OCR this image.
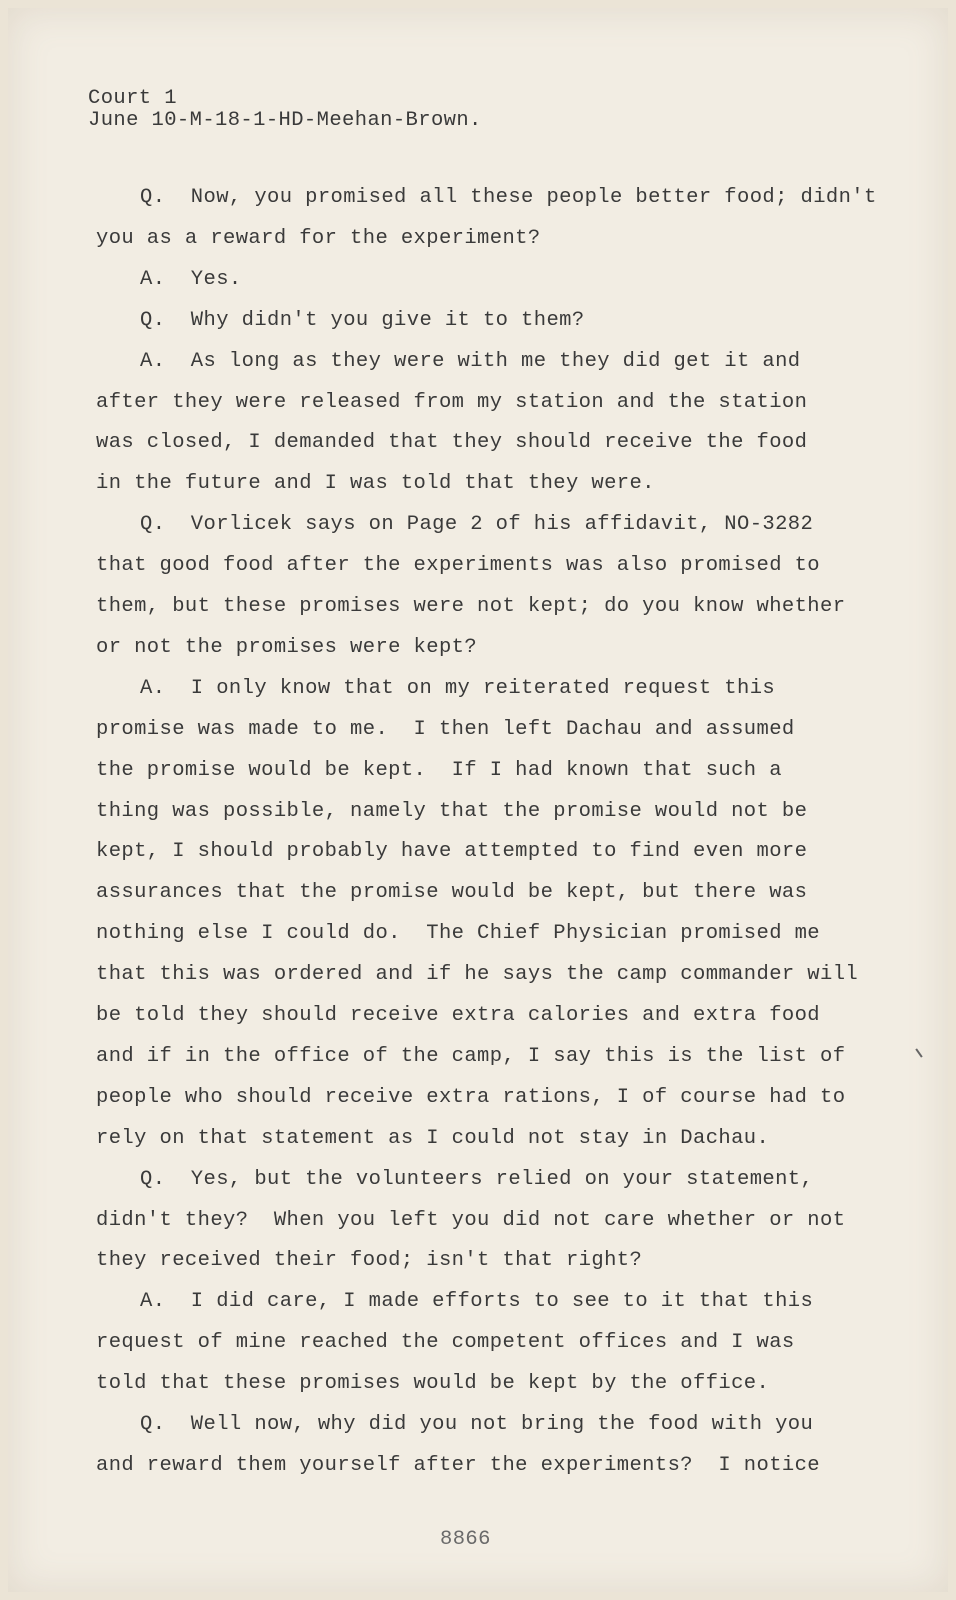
Court 1
June 10-M-18-1-HD-Meehan-Brown.
Q.  Now, you promised all these people better food; didn't
you as a reward for the experiment?
A.  Yes.
Q.  Why didn't you give it to them?
A.  As long as they were with me they did get it and
after they were released from my station and the station
was closed, I demanded that they should receive the food
in the future and I was told that they were.
Q.  Vorlicek says on Page 2 of his affidavit, NO-3282
that good food after the experiments was also promised to
them, but these promises were not kept; do you know whether
or not the promises were kept?
A.  I only know that on my reiterated request this
promise was made to me.  I then left Dachau and assumed
the promise would be kept.  If I had known that such a
thing was possible, namely that the promise would not be
kept, I should probably have attempted to find even more
assurances that the promise would be kept, but there was
nothing else I could do.  The Chief Physician promised me
that this was ordered and if he says the camp commander will
be told they should receive extra calories and extra food
and if in the office of the camp, I say this is the list of
people who should receive extra rations, I of course had to
rely on that statement as I could not stay in Dachau.
Q.  Yes, but the volunteers relied on your statement,
didn't they?  When you left you did not care whether or not
they received their food; isn't that right?
A.  I did care, I made efforts to see to it that this
request of mine reached the competent offices and I was
told that these promises would be kept by the office.
Q.  Well now, why did you not bring the food with you
and reward them yourself after the experiments?  I notice
8866
